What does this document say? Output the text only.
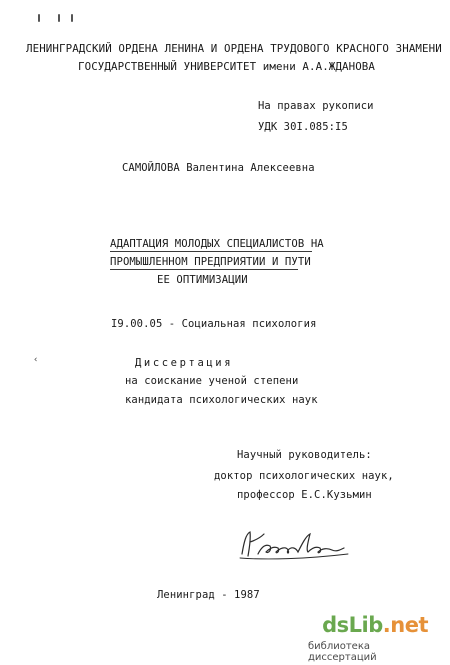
ЛЕНИНГРАДСКИЙ ОРДЕНА ЛЕНИНА И ОРДЕНА ТРУДОВОГО КРАСНОГО ЗНАМЕНИ
ГОСУДАРСТВЕННЫЙ УНИВЕРСИТЕТ имени А.А.ЖДАНОВА
На правах рукописи
УДК 30I.085:I5
САМОЙЛОВА Валентина Алексеевна
АДАПТАЦИЯ МОЛОДЫХ СПЕЦИАЛИСТОВ НА
ПРОМЫШЛЕННОМ ПРЕДПРИЯТИИ И ПУТИ
ЕЕ ОПТИМИЗАЦИИ
I9.00.05 - Социальная психология
‹	Диссертация
на соискание ученой степени
кандидата психологических наук
Научный руководитель:
доктор психологических наук,
профессор Е.С.Кузьмин
Ленинград - 1987
dsLib.net
библиотека диссертаций
